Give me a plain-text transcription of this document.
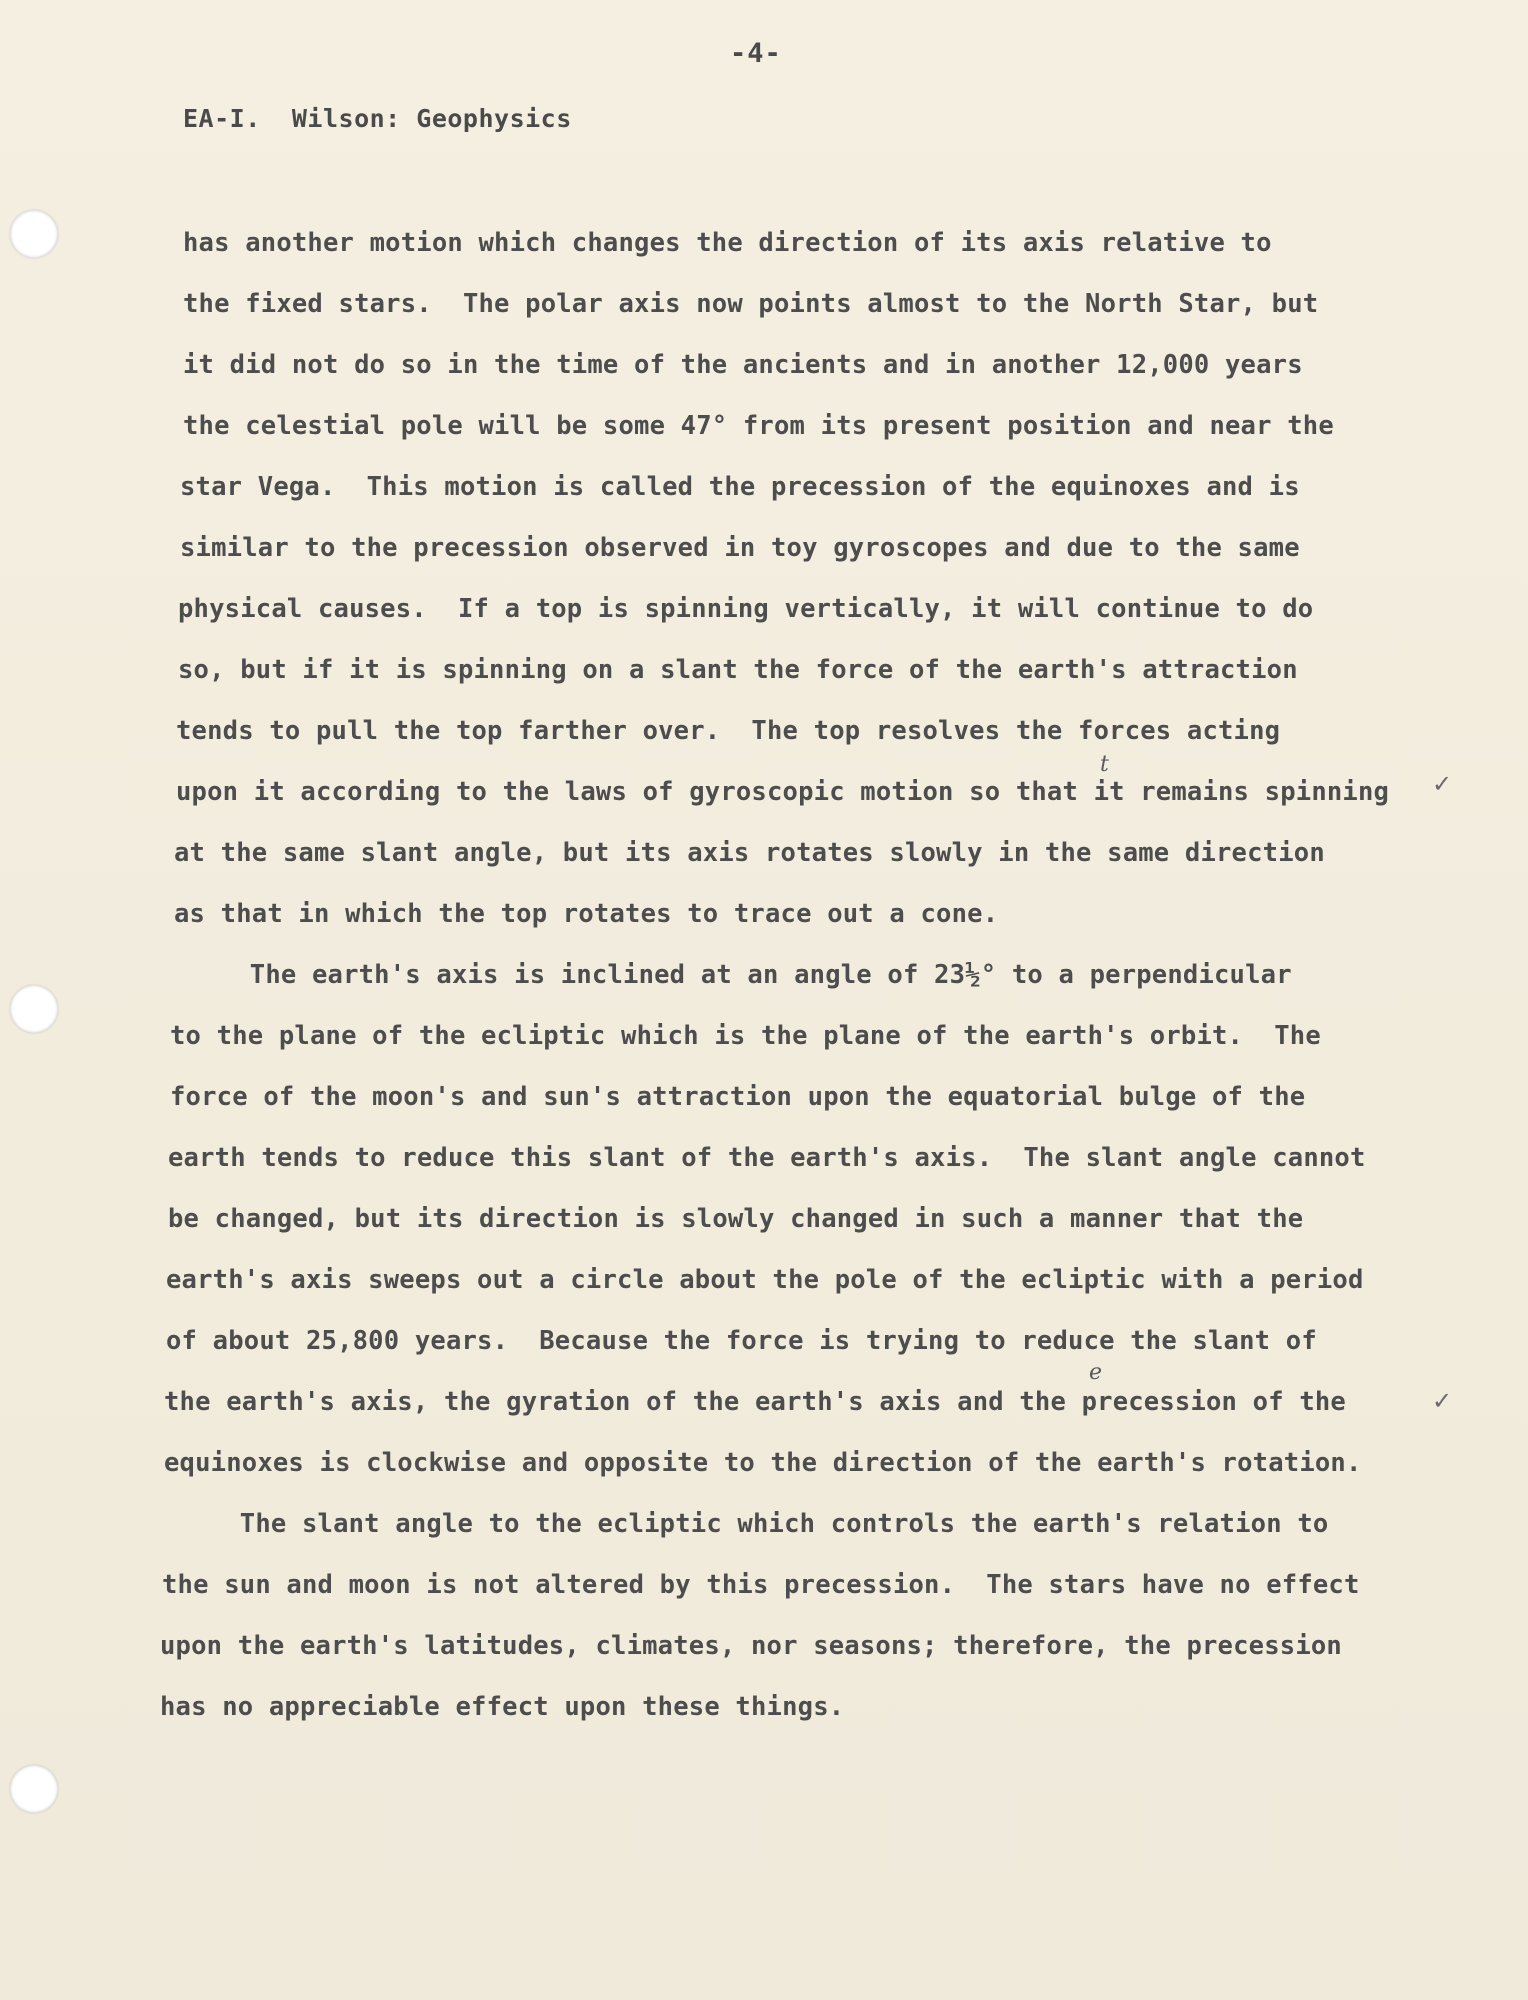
-4-
EA-I.  Wilson: Geophysics
has another motion which changes the direction of its axis relative to
the fixed stars.  The polar axis now points almost to the North Star, but
it did not do so in the time of the ancients and in another 12,000 years
the celestial pole will be some 47° from its present position and near the
star Vega.  This motion is called the precession of the equinoxes and is
similar to the precession observed in toy gyroscopes and due to the same
physical causes.  If a top is spinning vertically, it will continue to do
so, but if it is spinning on a slant the force of the earth's attraction
tends to pull the top farther over.  The top resolves the forces acting
upon it according to the laws of gyroscopic motion so that it remains spinning
at the same slant angle, but its axis rotates slowly in the same direction
as that in which the top rotates to trace out a cone.
The earth's axis is inclined at an angle of 23½° to a perpendicular
to the plane of the ecliptic which is the plane of the earth's orbit.  The
force of the moon's and sun's attraction upon the equatorial bulge of the
earth tends to reduce this slant of the earth's axis.  The slant angle cannot
be changed, but its direction is slowly changed in such a manner that the
earth's axis sweeps out a circle about the pole of the ecliptic with a period
of about 25,800 years.  Because the force is trying to reduce the slant of
the earth's axis, the gyration of the earth's axis and the precession of the
equinoxes is clockwise and opposite to the direction of the earth's rotation.
The slant angle to the ecliptic which controls the earth's relation to
the sun and moon is not altered by this precession.  The stars have no effect
upon the earth's latitudes, climates, nor seasons; therefore, the precession
has no appreciable effect upon these things.
t
e
✓
✓
